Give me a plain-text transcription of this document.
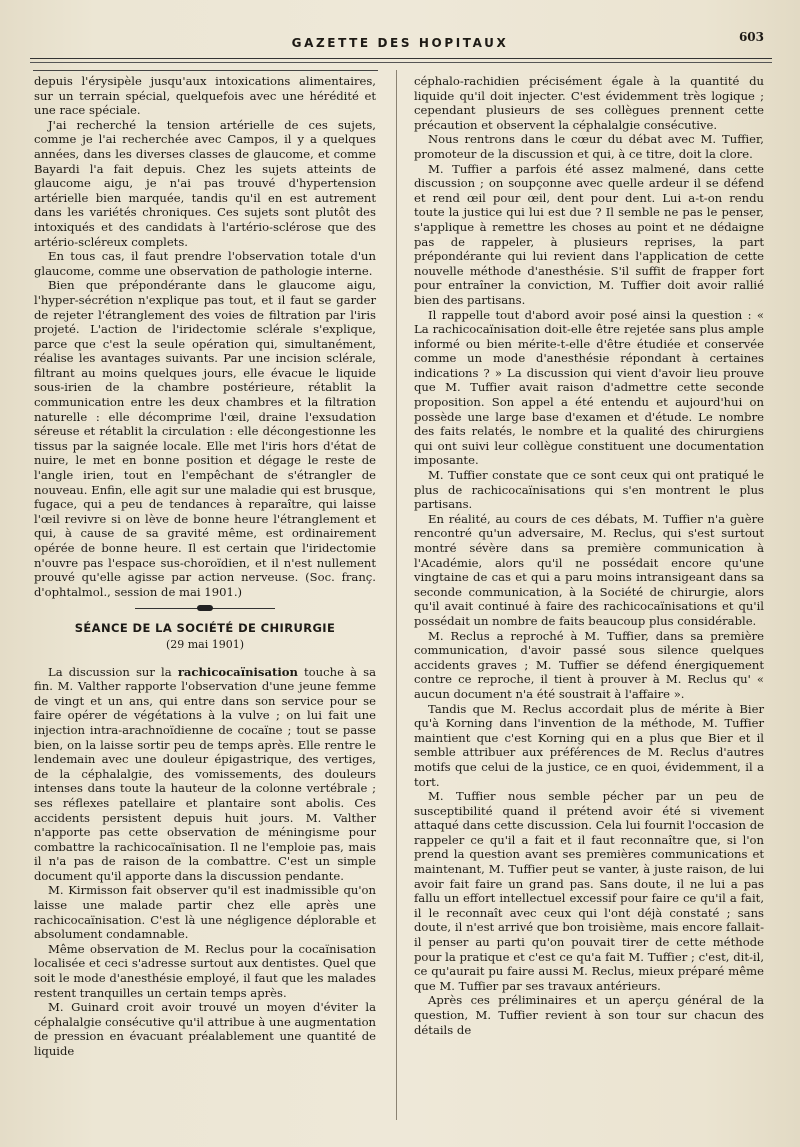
GAZETTE DES HOPITAUX	603

depuis l'érysipèle jusqu'aux intoxications alimentaires, sur un terrain spécial, quelquefois avec une hérédité et une race spéciale.

J'ai recherché la tension artérielle de ces sujets, comme je l'ai recherchée avec Campos, il y a quelques années, dans les diverses classes de glaucome, et comme Bayardi l'a fait depuis. Chez les sujets atteints de glaucome aigu, je n'ai pas trouvé d'hypertension artérielle bien marquée, tandis qu'il en est autrement dans les variétés chroniques. Ces sujets sont plutôt des intoxiqués et des candidats à l'artério-sclérose que des artério-scléreux complets.

En tous cas, il faut prendre l'observation totale d'un glaucome, comme une observation de pathologie interne.

Bien que prépondérante dans le glaucome aigu, l'hyper-sécrétion n'explique pas tout, et il faut se garder de rejeter l'étranglement des voies de filtration par l'iris projeté. L'action de l'iridectomie sclérale s'explique, parce que c'est la seule opération qui, simultanément, réalise les avantages suivants. Par une incision sclérale, filtrant au moins quelques jours, elle évacue le liquide sous-irien de la chambre postérieure, rétablit la communication entre les deux chambres et la filtration naturelle : elle décomprime l'œil, draine l'exsudation séreuse et rétablit la circulation : elle décongestionne les tissus par la saignée locale. Elle met l'iris hors d'état de nuire, le met en bonne position et dégage le reste de l'angle irien, tout en l'empêchant de s'étrangler de nouveau. Enfin, elle agit sur une maladie qui est brusque, fugace, qui a peu de tendances à reparaître, qui laisse l'œil revivre si on lève de bonne heure l'étranglement et qui, à cause de sa gravité même, est ordinairement opérée de bonne heure. Il est certain que l'iridectomie n'ouvre pas l'espace sus-choroïdien, et il n'est nullement prouvé qu'elle agisse par action nerveuse. (Soc. franç. d'ophtalmol., session de mai 1901.)

SÉANCE DE LA SOCIÉTÉ DE CHIRURGIE
(29 mai 1901)

La discussion sur la rachicocaïnisation touche à sa fin. M. Valther rapporte l'observation d'une jeune femme de vingt et un ans, qui entre dans son service pour se faire opérer de végétations à la vulve ; on lui fait une injection intra-arachnoïdienne de cocaïne ; tout se passe bien, on la laisse sortir peu de temps après. Elle rentre le lendemain avec une douleur épigastrique, des vertiges, de la céphalalgie, des vomissements, des douleurs intenses dans toute la hauteur de la colonne vertébrale ; ses réflexes patellaire et plantaire sont abolis. Ces accidents persistent depuis huit jours. M. Valther n'apporte pas cette observation de méningisme pour combattre la rachicocaïnisation. Il ne l'emploie pas, mais il n'a pas de raison de la combattre. C'est un simple document qu'il apporte dans la discussion pendante.

M. Kirmisson fait observer qu'il est inadmissible qu'on laisse une malade partir chez elle après une rachicocaïnisation. C'est là une négligence déplorable et absolument condamnable.

Même observation de M. Reclus pour la cocaïnisation localisée et ceci s'adresse surtout aux dentistes. Quel que soit le mode d'anesthésie employé, il faut que les malades restent tranquilles un certain temps après.

M. Guinard croit avoir trouvé un moyen d'éviter la céphalalgie consécutive qu'il attribue à une augmentation de pression en évacuant préalablement une quantité de liquide

céphalo-rachidien précisément égale à la quantité du liquide qu'il doit injecter. C'est évidemment très logique ; cependant plusieurs de ses collègues prennent cette précaution et observent la céphalalgie consécutive.

Nous rentrons dans le cœur du débat avec M. Tuffier, promoteur de la discussion et qui, à ce titre, doit la clore.

M. Tuffier a parfois été assez malmené, dans cette discussion ; on soupçonne avec quelle ardeur il se défend et rend œil pour œil, dent pour dent. Lui a-t-on rendu toute la justice qui lui est due ? Il semble ne pas le penser, s'applique à remettre les choses au point et ne dédaigne pas de rappeler, à plusieurs reprises, la part prépondérante qui lui revient dans l'application de cette nouvelle méthode d'anesthésie. S'il suffit de frapper fort pour entraîner la conviction, M. Tuffier doit avoir rallié bien des partisans.

Il rappelle tout d'abord avoir posé ainsi la question : « La rachicocaïnisation doit-elle être rejetée sans plus ample informé ou bien mérite-t-elle d'être étudiée et conservée comme un mode d'anesthésie répondant à certaines indications ? » La discussion qui vient d'avoir lieu prouve que M. Tuffier avait raison d'admettre cette seconde proposition. Son appel a été entendu et aujourd'hui on possède une large base d'examen et d'étude. Le nombre des faits relatés, le nombre et la qualité des chirurgiens qui ont suivi leur collègue constituent une documentation imposante.

M. Tuffier constate que ce sont ceux qui ont pratiqué le plus de rachicocaïnisations qui s'en montrent le plus partisans.

En réalité, au cours de ces débats, M. Tuffier n'a guère rencontré qu'un adversaire, M. Reclus, qui s'est surtout montré sévère dans sa première communication à l'Académie, alors qu'il ne possédait encore qu'une vingtaine de cas et qui a paru moins intransigeant dans sa seconde communication, à la Société de chirurgie, alors qu'il avait continué à faire des rachicocaïnisations et qu'il possédait un nombre de faits beaucoup plus considérable.

M. Reclus a reproché à M. Tuffier, dans sa première communication, d'avoir passé sous silence quelques accidents graves ; M. Tuffier se défend énergiquement contre ce reproche, il tient à prouver à M. Reclus qu' « aucun document n'a été soustrait à l'affaire ».

Tandis que M. Reclus accordait plus de mérite à Bier qu'à Korning dans l'invention de la méthode, M. Tuffier maintient que c'est Korning qui en a plus que Bier et il semble attribuer aux préférences de M. Reclus d'autres motifs que celui de la justice, ce en quoi, évidemment, il a tort.

M. Tuffier nous semble pécher par un peu de susceptibilité quand il prétend avoir été si vivement attaqué dans cette discussion. Cela lui fournit l'occasion de rappeler ce qu'il a fait et il faut reconnaître que, si l'on prend la question avant ses premières communications et maintenant, M. Tuffier peut se vanter, à juste raison, de lui avoir fait faire un grand pas. Sans doute, il ne lui a pas fallu un effort intellectuel excessif pour faire ce qu'il a fait, il le reconnaît avec ceux qui l'ont déjà constaté ; sans doute, il n'est arrivé que bon troisième, mais encore fallait-il penser au parti qu'on pouvait tirer de cette méthode pour la pratique et c'est ce qu'a fait M. Tuffier ; c'est, dit-il, ce qu'aurait pu faire aussi M. Reclus, mieux préparé même que M. Tuffier par ses travaux antérieurs.

Après ces préliminaires et un aperçu général de la question, M. Tuffier revient à son tour sur chacun des détails de
